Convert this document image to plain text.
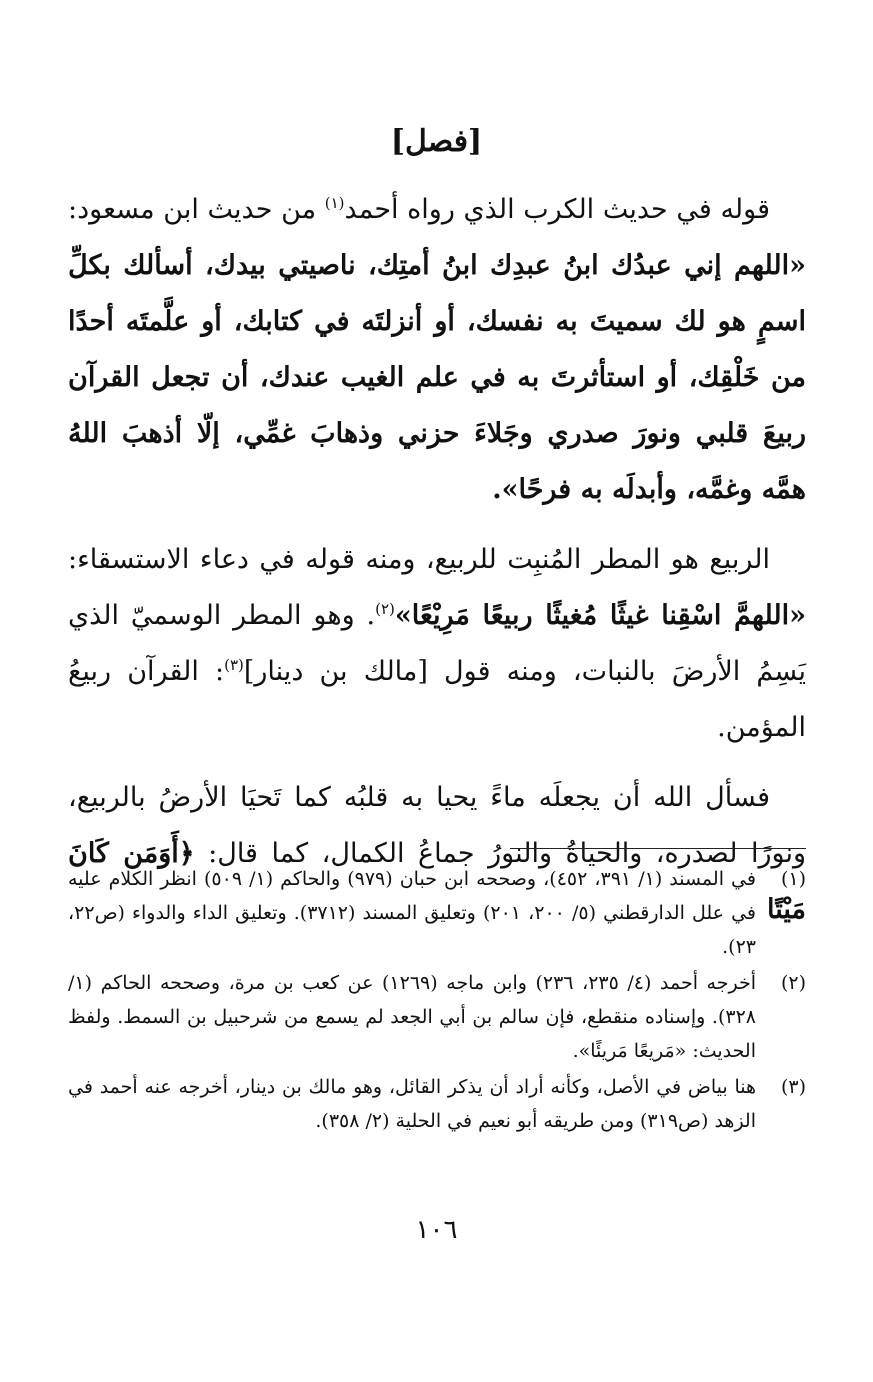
[فصل]

قوله في حديث الكرب الذي رواه أحمد$^{(١)}$ من حديث ابن مسعود: «اللهم إني عبدُك ابنُ عبدِك ابنُ أمتِك، ناصيتي بيدك، أسألك بكلِّ اسمٍ هو لك سميتَ به نفسك، أو أنزلتَه في كتابك، أو علَّمتَه أحدًا من خَلْقِك، أو استأثرتَ به في علم الغيب عندك، أن تجعل القرآن ربيعَ قلبي ونورَ صدري وجَلاءَ حزني وذهابَ غمِّي، إلّا أذهبَ اللهُ همَّه وغمَّه، وأبدلَه به فرحًا».

الربيع هو المطر المُنبِت للربيع، ومنه قوله في دعاء الاستسقاء: «اللهمَّ اسْقِنا غيثًا مُغيثًا ربيعًا مَرِيْعًا»$^{(٢)}$. وهو المطر الوسميّ الذي يَسِمُ الأرضَ بالنبات، ومنه قول [مالك بن دينار]$^{(٣)}$: القرآن ربيعُ المؤمن.

فسأل الله أن يجعلَه ماءً يحيا به قلبُه كما تَحيَا الأرضُ بالربيع، ونورًا لصدره، والحياةُ والنورُ جماعُ الكمال، كما قال: ﴿أَوَمَن كَانَ مَيْتًا

(١)
في المسند (١/ ٣٩١، ٤٥٢)، وصححه ابن حبان (٩٧٩) والحاكم (١/ ٥٠٩) انظر الكلام عليه في علل الدارقطني (٥/ ٢٠٠، ٢٠١) وتعليق المسند (٣٧١٢). وتعليق الداء والدواء (ص٢٢، ٢٣).
(٢)
أخرجه أحمد (٤/ ٢٣٥، ٢٣٦) وابن ماجه (١٢٦٩) عن كعب بن مرة، وصححه الحاكم (١/ ٣٢٨). وإسناده منقطع، فإن سالم بن أبي الجعد لم يسمع من شرحبيل بن السمط. ولفظ الحديث: «مَريعًا مَريئًا».
(٣)
هنا بياض في الأصل، وكأنه أراد أن يذكر القائل، وهو مالك بن دينار، أخرجه عنه أحمد في الزهد (ص٣١٩) ومن طريقه أبو نعيم في الحلية (٢/ ٣٥٨).
١٠٦
